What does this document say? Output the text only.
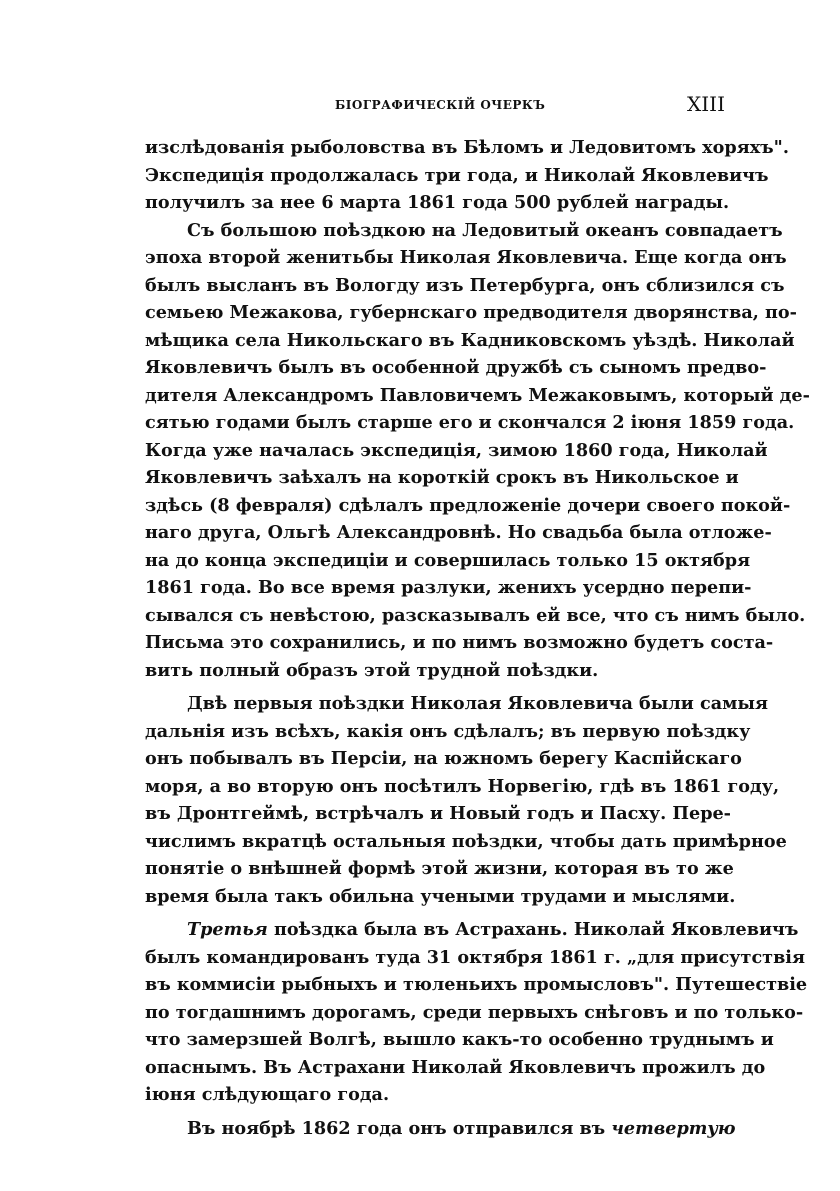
БІОГРАФИЧЕСКІЙ ОЧЕРКЪ	XIII

изслѣдованія рыболовства въ Бѣломъ и Ледовитомъ хоряхъ".
Экспедиція продолжалась три года, и Николай Яковлевичъ
получилъ за нее 6 марта 1861 года 500 рублей награды.

Съ большою поѣздкою на Ледовитый океанъ совпадаетъ
эпоха второй женитьбы Николая Яковлевича. Еще когда онъ
былъ высланъ въ Вологду изъ Петербурга, онъ сблизился съ
семьею Межакова, губернскаго предводителя дворянства, по-
мѣщика села Никольскаго въ Кадниковскомъ уѣздѣ. Николай
Яковлевичъ былъ въ особенной дружбѣ съ сыномъ предво-
дителя Александромъ Павловичемъ Межаковымъ, который де-
сятью годами былъ старше его и скончался 2 іюня 1859 года.
Когда уже началась экспедиція, зимою 1860 года, Николай
Яковлевичъ заѣхалъ на короткій срокъ въ Никольское и
здѣсь (8 февраля) сдѣлалъ предложеніе дочери своего покой-
наго друга, Ольгѣ Александровнѣ. Но свадьба была отложе-
на до конца экспедиціи и совершилась только 15 октября
1861 года. Во все время разлуки, женихъ усердно перепи-
сывался съ невѣстою, разсказывалъ ей все, что съ нимъ было.
Письма это сохранились, и по нимъ возможно будетъ соста-
вить полный образъ этой трудной поѣздки.

Двѣ первыя поѣздки Николая Яковлевича были самыя
дальнія изъ всѣхъ, какія онъ сдѣлалъ; въ первую поѣздку
онъ побывалъ въ Персіи, на южномъ берегу Каспійскаго
моря, а во вторую онъ посѣтилъ Норвегію, гдѣ въ 1861 году,
въ Дронтгеймѣ, встрѣчалъ и Новый годъ и Пасху. Пере-
числимъ вкратцѣ остальныя поѣздки, чтобы дать примѣрное
понятіе о внѣшней формѣ этой жизни, которая въ то же
время была такъ обильна учеными трудами и мыслями.

Третья поѣздка была въ Астрахань. Николай Яковлевичъ
былъ командированъ туда 31 октября 1861 г. „для присутствія
въ коммисіи рыбныхъ и тюленьихъ промысловъ". Путешествіе
по тогдашнимъ дорогамъ, среди первыхъ снѣговъ и по только-
что замерзшей Волгѣ, вышло какъ-то особенно труднымъ и
опаснымъ. Въ Астрахани Николай Яковлевичъ прожилъ до
іюня слѣдующаго года.

Въ ноябрѣ 1862 года онъ отправился въ четвертую
